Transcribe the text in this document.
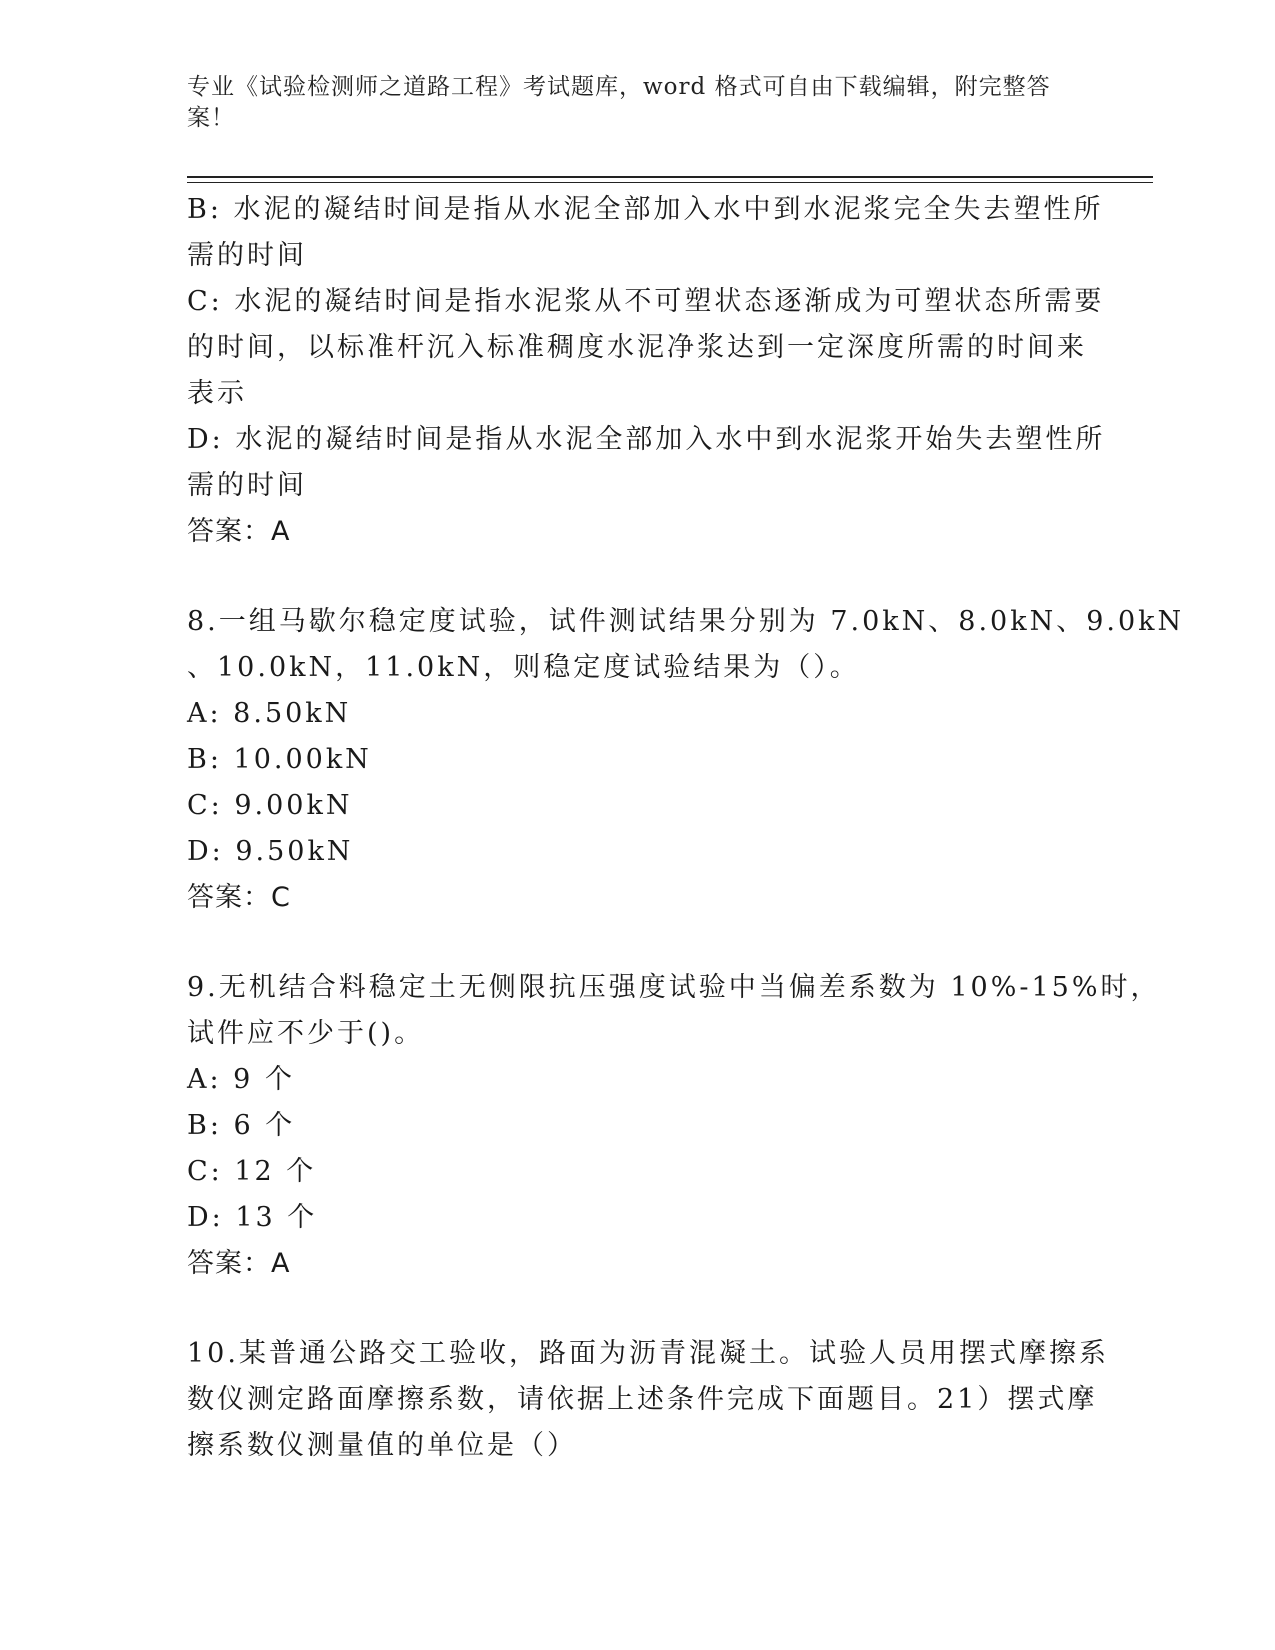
专业《试验检测师之道路工程》考试题库，word 格式可自由下载编辑，附完整答
案！
B: 水泥的凝结时间是指从水泥全部加入水中到水泥浆完全失去塑性所
需的时间
C: 水泥的凝结时间是指水泥浆从不可塑状态逐渐成为可塑状态所需要
的时间，以标准杆沉入标准稠度水泥净浆达到一定深度所需的时间来
表示
D: 水泥的凝结时间是指从水泥全部加入水中到水泥浆开始失去塑性所
需的时间
答案：A
8.一组马歇尔稳定度试验，试件测试结果分别为 7.0kN、8.0kN、9.0kN
、10.0kN，11.0kN，则稳定度试验结果为（）。
A: 8.50kN
B: 10.00kN
C: 9.00kN
D: 9.50kN
答案：C
9.无机结合料稳定土无侧限抗压强度试验中当偏差系数为 10%-15%时，
试件应不少于()。
A: 9 个
B: 6 个
C: 12 个
D: 13 个
答案：A
10.某普通公路交工验收，路面为沥青混凝土。试验人员用摆式摩擦系
数仪测定路面摩擦系数，请依据上述条件完成下面题目。21）摆式摩
擦系数仪测量值的单位是（）
